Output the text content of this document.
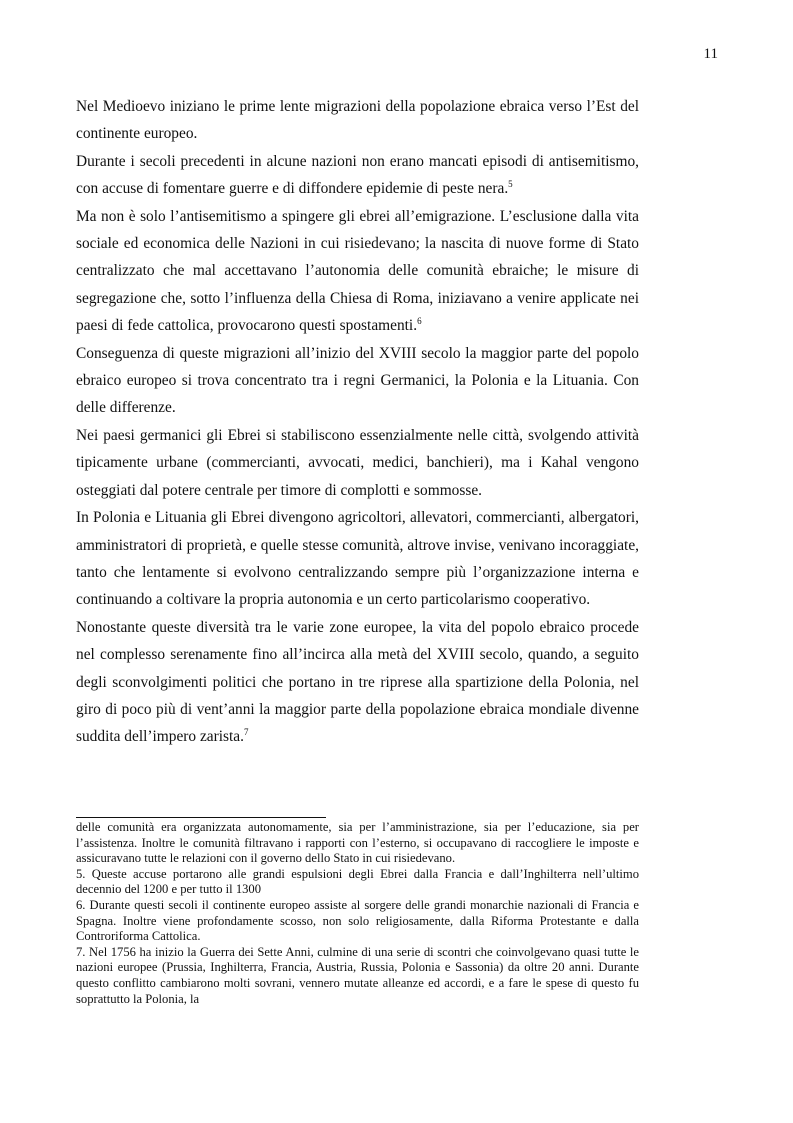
11

Nel Medioevo iniziano le prime lente migrazioni della popolazione ebraica verso l’Est del continente europeo.

Durante i secoli precedenti in alcune nazioni non erano mancati episodi di antisemitismo, con accuse di fomentare guerre e di diffondere epidemie di peste nera.$^5$

Ma non è solo l’antisemitismo a spingere gli ebrei all’emigrazione. L’esclusione dalla vita sociale ed economica delle Nazioni in cui risiedevano; la nascita di nuove forme di Stato centralizzato che mal accettavano l’autonomia delle comunità ebraiche; le misure di segregazione che, sotto l’influenza della Chiesa di Roma, iniziavano a venire applicate nei paesi di fede cattolica, provocarono questi spostamenti.$^6$

Conseguenza di queste migrazioni all’inizio del XVIII secolo la maggior parte del popolo ebraico europeo si trova concentrato tra i regni Germanici, la Polonia e la Lituania. Con delle differenze.

Nei paesi germanici gli Ebrei si stabiliscono essenzialmente nelle città, svolgendo attività tipicamente urbane (commercianti, avvocati, medici, banchieri), ma i Kahal vengono osteggiati dal potere centrale per timore di complotti e sommosse.

In Polonia e Lituania gli Ebrei divengono agricoltori, allevatori, commercianti, albergatori, amministratori di proprietà, e quelle stesse comunità, altrove invise, venivano incoraggiate, tanto che lentamente si evolvono centralizzando sempre più l’organizzazione interna e continuando a coltivare la propria autonomia e un certo particolarismo cooperativo.

Nonostante queste diversità tra le varie zone europee, la vita del popolo ebraico procede nel complesso serenamente fino all’incirca alla metà del XVIII secolo, quando, a seguito degli sconvolgimenti politici che portano in tre riprese alla spartizione della Polonia, nel giro di poco più di vent’anni la maggior parte della popolazione ebraica mondiale divenne suddita dell’impero zarista.$^7$

delle comunità era organizzata autonomamente, sia per l’amministrazione, sia per l’educazione, sia per l’assistenza. Inoltre le comunità filtravano i rapporti con l’esterno, si occupavano di raccogliere le imposte e assicuravano tutte le relazioni con il governo dello Stato in cui risiedevano.

5. Queste accuse portarono alle grandi espulsioni degli Ebrei dalla Francia e dall’Inghilterra nell’ultimo decennio del 1200 e per tutto il 1300

6. Durante questi secoli il continente europeo assiste al sorgere delle grandi monarchie nazionali di Francia e Spagna. Inoltre viene profondamente scosso, non solo religiosamente, dalla Riforma Protestante e dalla Controriforma Cattolica.

7. Nel 1756 ha inizio la Guerra dei Sette Anni, culmine di una serie di scontri che coinvolgevano quasi tutte le nazioni europee (Prussia, Inghilterra, Francia, Austria, Russia, Polonia e Sassonia) da oltre 20 anni. Durante questo conflitto cambiarono molti sovrani, vennero mutate alleanze ed accordi, e a fare le spese di questo fu soprattutto la Polonia, la
